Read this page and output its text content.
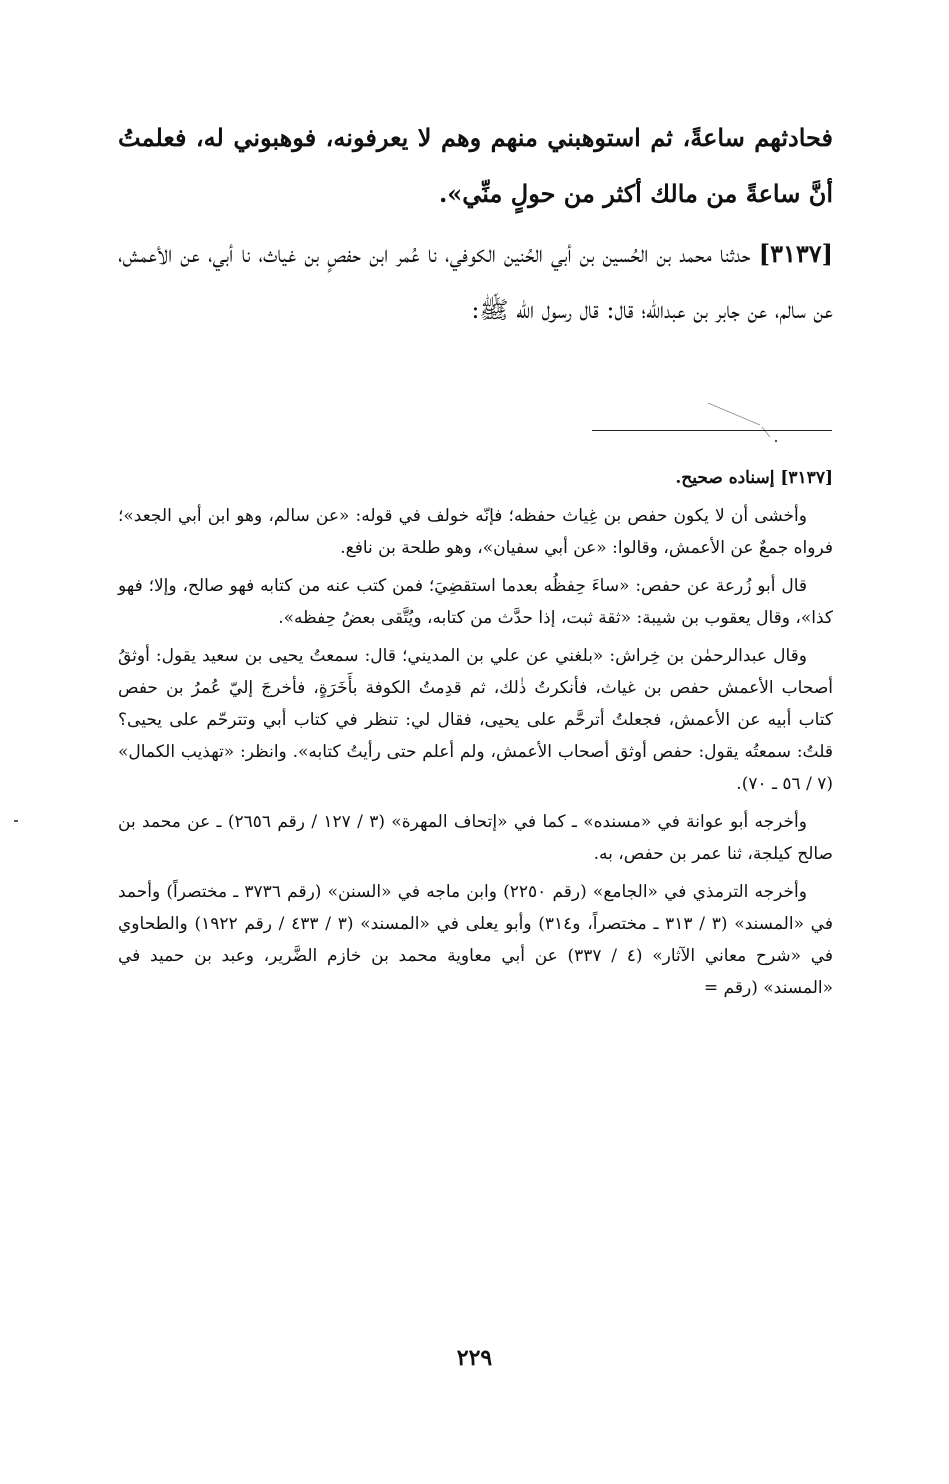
فحادثهم ساعةً، ثم استوهبني منهم وهم لا يعرفونه، فوهبوني له، فعلمتُ أنَّ ساعةً من مالك أكثر من حولٍ منِّي».

[٣١٣٧] حدثنا محمد بن الحُسين بن أبي الحُنين الكوفي، نا عُمر ابن حفصٍ بن غياث، نا أبي، عن الأعمش، عن سالم، عن جابر بن عبدالله؛ قال: قال رسول الله ﷺ:

[٣١٣٧] إسناده صحيح.

وأخشى أن لا يكون حفص بن غِياث حفظه؛ فإنّه خولف في قوله: «عن سالم، وهو ابن أبي الجعد»؛ فرواه جمعٌ عن الأعمش، وقالوا: «عن أبي سفيان»، وهو طلحة بن نافع.

قال أبو زُرعة عن حفص: «ساءَ حِفظُه بعدما استقضِيَ؛ فمن كتب عنه من كتابه فهو صالح، وإلا؛ فهو كذا»، وقال يعقوب بن شيبة: «ثقة ثبت، إذا حدَّث من كتابه، ويُتَّقى بعضُ حِفظه».

وقال عبدالرحمٰن بن خِراش: «بلغني عن علي بن المديني؛ قال: سمعتُ يحيى بن سعيد يقول: أوثقُ أصحاب الأعمش حفص بن غياث، فأنكرتُ ذٰلك، ثم قدِمتُ الكوفة بأَخَرَةٍ، فأخرجَ إليّ عُمرُ بن حفص كتاب أبيه عن الأعمش، فجعلتُ أترحَّم على يحيى، فقال لي: تنظر في كتاب أبي وتترحّم على يحيى؟ قلتُ: سمعتُه يقول: حفص أوثق أصحاب الأعمش، ولم أعلم حتى رأيتُ كتابه». وانظر: «تهذيب الكمال» (٧ / ٥٦ ـ ٧٠).

وأخرجه أبو عوانة في «مسنده» ـ كما في «إتحاف المهرة» (٣ / ١٢٧ / رقم ٢٦٥٦) ـ عن محمد بن صالح كيلجة، ثنا عمر بن حفص، به.

وأخرجه الترمذي في «الجامع» (رقم ٢٢٥٠) وابن ماجه في «السنن» (رقم ٣٧٣٦ ـ مختصراً) وأحمد في «المسند» (٣ / ٣١٣ ـ مختصراً، و٣١٤) وأبو يعلى في «المسند» (٣ / ٤٣٣ / رقم ١٩٢٢) والطحاوي في «شرح معاني الآثار» (٤ / ٣٣٧) عن أبي معاوية محمد بن خازم الضَّرير، وعبد بن حميد في «المسند» (رقم =

٢٢٩
